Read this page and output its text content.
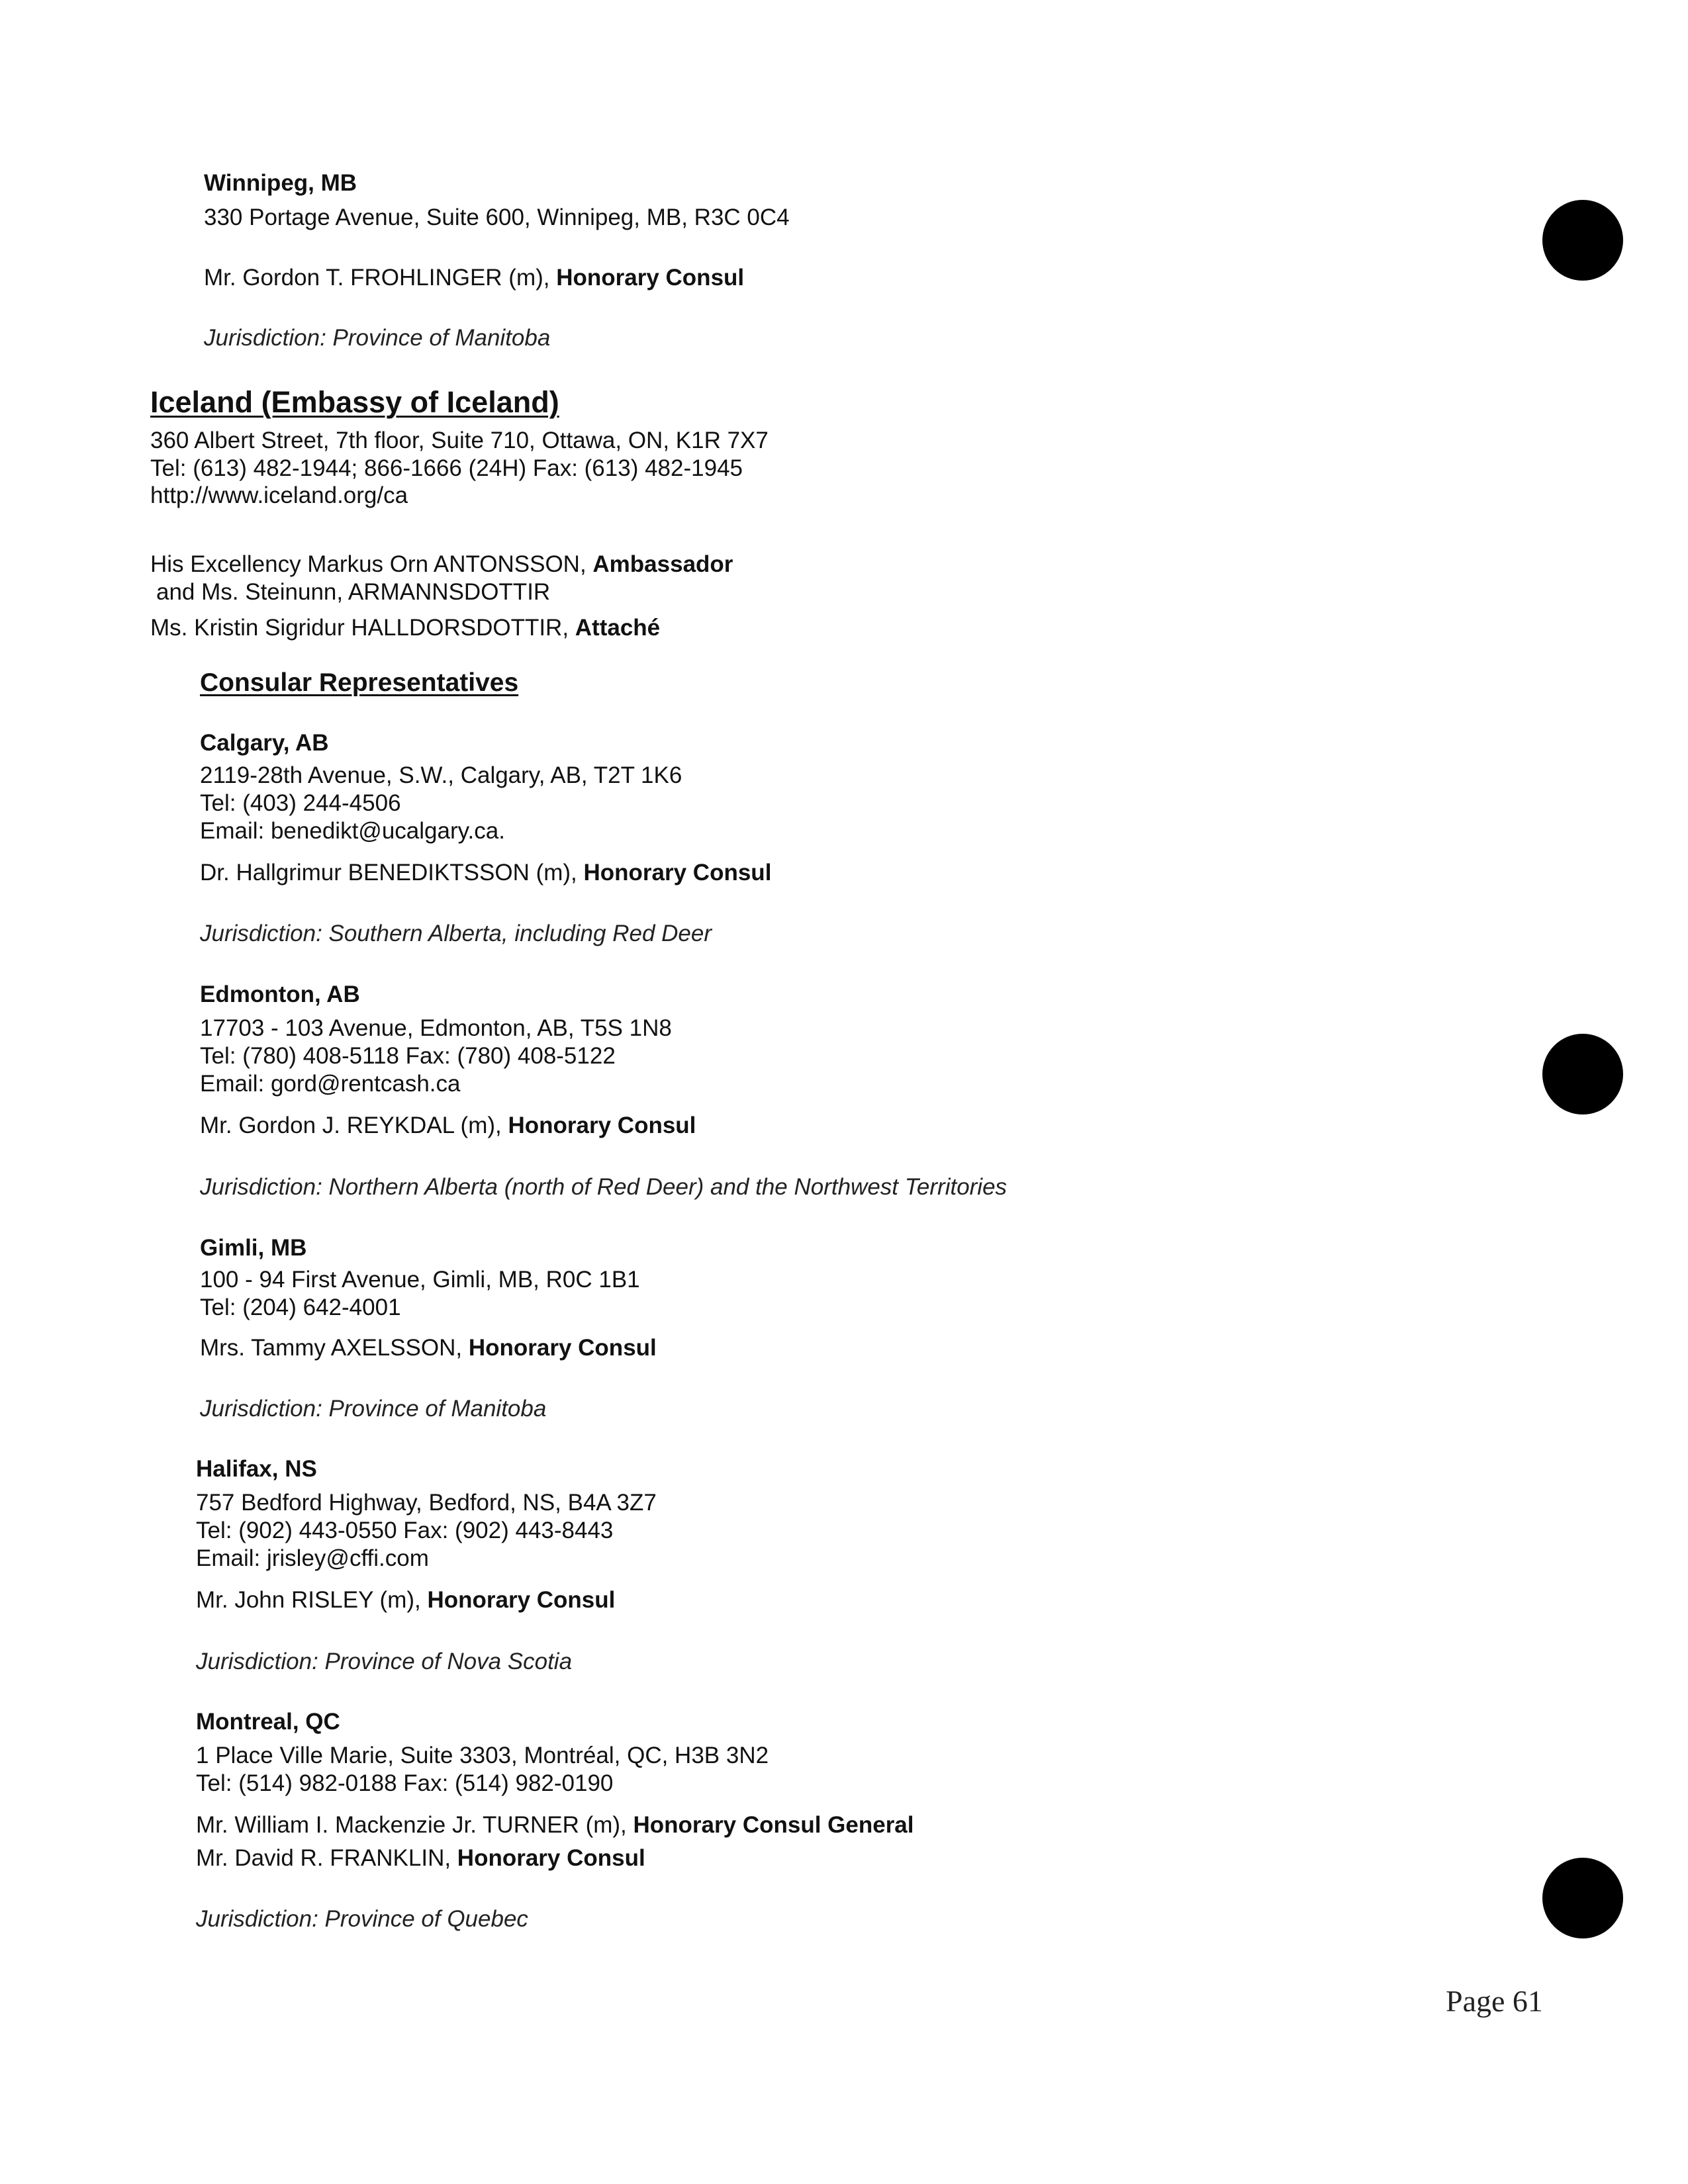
Winnipeg, MB
330 Portage Avenue, Suite 600, Winnipeg, MB, R3C 0C4
Mr. Gordon T. FROHLINGER (m), Honorary Consul
Jurisdiction: Province of Manitoba
Iceland (Embassy of Iceland)
360 Albert Street, 7th floor, Suite 710, Ottawa, ON, K1R 7X7
Tel: (613) 482-1944; 866-1666 (24H) Fax: (613) 482-1945
http://www.iceland.org/ca
His Excellency Markus Orn ANTONSSON, Ambassador
and Ms. Steinunn, ARMANNSDOTTIR
Ms. Kristin Sigridur HALLDORSDOTTIR, Attaché
Consular Representatives
Calgary, AB
2119-28th Avenue, S.W., Calgary, AB, T2T 1K6
Tel: (403) 244-4506
Email: benedikt@ucalgary.ca.
Dr. Hallgrimur BENEDIKTSSON (m), Honorary Consul
Jurisdiction: Southern Alberta, including Red Deer
Edmonton, AB
17703 - 103 Avenue, Edmonton, AB, T5S 1N8
Tel: (780) 408-5118 Fax: (780) 408-5122
Email: gord@rentcash.ca
Mr. Gordon J. REYKDAL (m), Honorary Consul
Jurisdiction: Northern Alberta (north of Red Deer) and the Northwest Territories
Gimli, MB
100 - 94 First Avenue, Gimli, MB, R0C 1B1
Tel: (204) 642-4001
Mrs. Tammy AXELSSON, Honorary Consul
Jurisdiction: Province of Manitoba
Halifax, NS
757 Bedford Highway, Bedford, NS, B4A 3Z7
Tel: (902) 443-0550 Fax: (902) 443-8443
Email: jrisley@cffi.com
Mr. John RISLEY (m), Honorary Consul
Jurisdiction: Province of Nova Scotia
Montreal, QC
1 Place Ville Marie, Suite 3303, Montréal, QC, H3B 3N2
Tel: (514) 982-0188 Fax: (514) 982-0190
Mr. William I. Mackenzie Jr. TURNER (m), Honorary Consul General
Mr. David R. FRANKLIN, Honorary Consul
Jurisdiction: Province of Quebec
Page 61
